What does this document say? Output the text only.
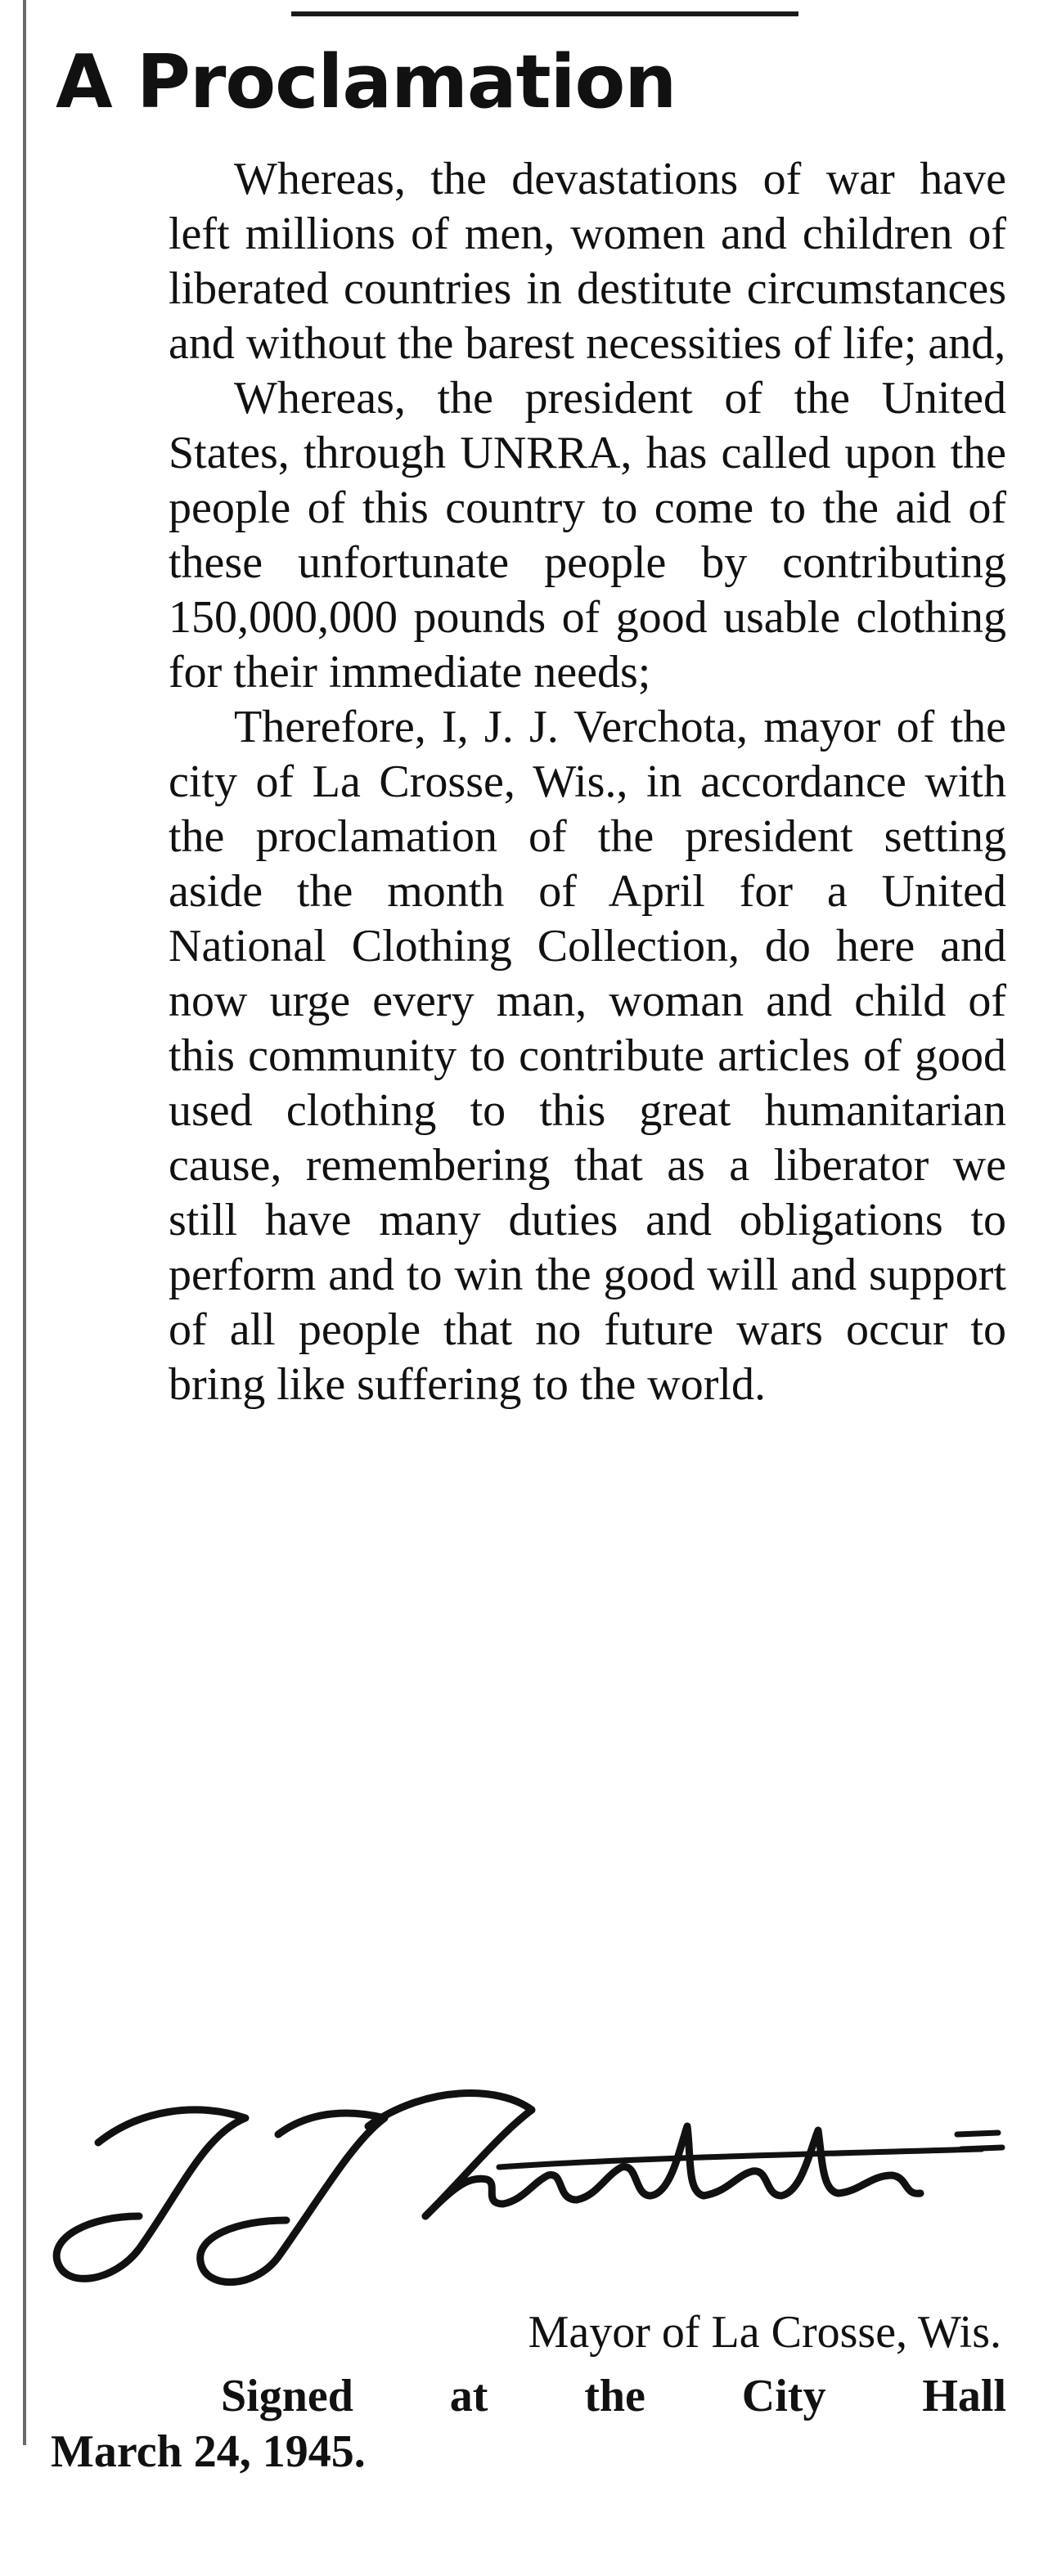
A Proclamation

Whereas, the devastations of war have left millions of men, women and children of liberated countries in destitute circumstances and without the barest necessities of life; and,

Whereas, the president of the United States, through UNRRA, has called upon the people of this country to come to the aid of these unfortunate people by contributing 150,000,000 pounds of good usable clothing for their immediate needs;

Therefore, I, J. J. Verchota, mayor of the city of La Crosse, Wis., in accordance with the proclamation of the president setting aside the month of April for a United National Clothing Collection, do here and now urge every man, woman and child of this community to contribute articles of good used clothing to this great humanitarian cause, remembering that as a liberator we still have many duties and obligations to perform and to win the good will and support of all people that no future wars occur to bring like suffering to the world.

Mayor of La Crosse, Wis.
Signed at the City Hall
March 24, 1945.
